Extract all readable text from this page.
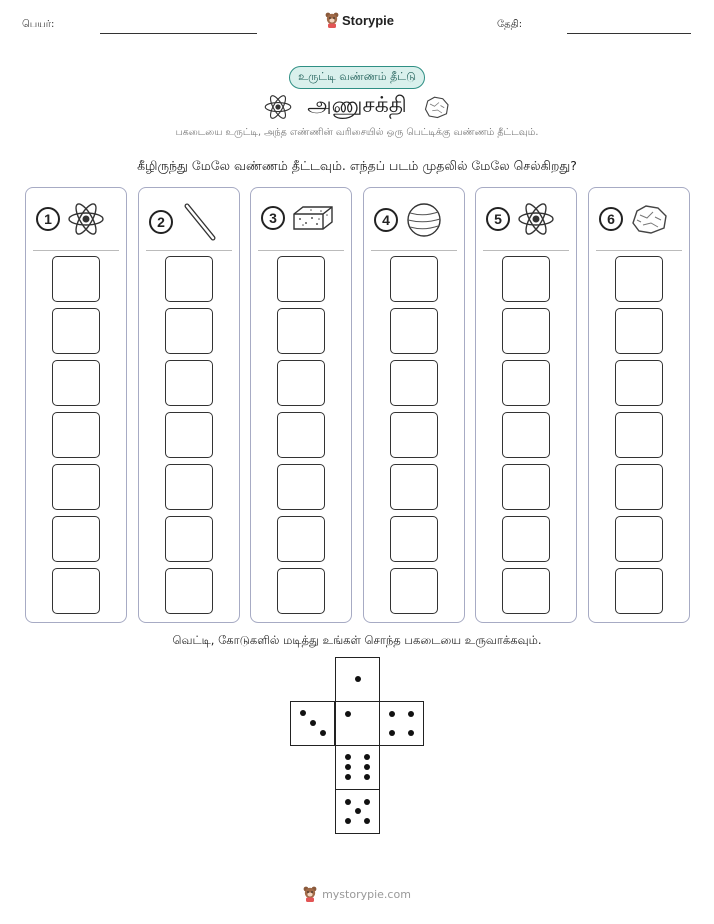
பெயர்:	Storypie	தேதி:
உருட்டி வண்ணம் தீட்டு
அணுசக்தி
பகடையை உருட்டி, அந்த எண்ணின் வரிசையில் ஒரு பெட்டிக்கு வண்ணம் தீட்டவும்.
கீழிருந்து மேலே வண்ணம் தீட்டவும். எந்தப் படம் முதலில் மேலே செல்கிறது?
1	2	3	4	5	6
வெட்டி, கோடுகளில் மடித்து உங்கள் சொந்த பகடையை உருவாக்கவும்.
mystorypie.com
